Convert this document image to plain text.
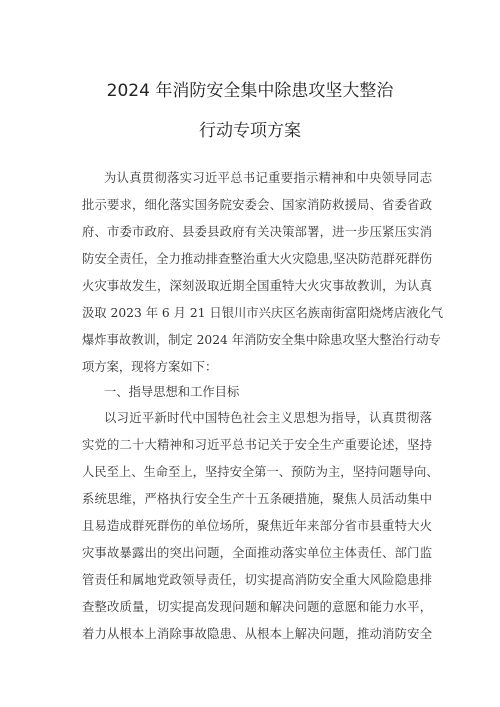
2024 年消防安全集中除患攻坚大整治
行动专项方案
为认真贯彻落实习近平总书记重要指示精神和中央领导同志
批示要求，细化落实国务院安委会、国家消防救援局、省委省政
府、市委市政府、县委县政府有关决策部署，进一步压紧压实消
防安全责任，全力推动排查整治重大火灾隐患,坚决防范群死群伤
火灾事故发生，深刻汲取近期全国重特大火灾事故教训，为认真
汲取 2023 年 6 月 21 日银川市兴庆区名族南街富阳烧烤店液化气
爆炸事故教训，制定 2024 年消防安全集中除患攻坚大整治行动专
项方案，现将方案如下：
一、指导思想和工作目标
以习近平新时代中国特色社会主义思想为指导，认真贯彻落
实党的二十大精神和习近平总书记关于安全生产重要论述，坚持
人民至上、生命至上，坚持安全第一、预防为主，坚持问题导向、
系统思维，严格执行安全生产十五条硬措施，聚焦人员活动集中
且易造成群死群伤的单位场所，聚焦近年来部分省市县重特大火
灾事故暴露出的突出问题，全面推动落实单位主体责任、部门监
管责任和属地党政领导责任，切实提高消防安全重大风险隐患排
查整改质量，切实提高发现问题和解决问题的意愿和能力水平，
着力从根本上消除事故隐患、从根本上解决问题，推动消防安全
